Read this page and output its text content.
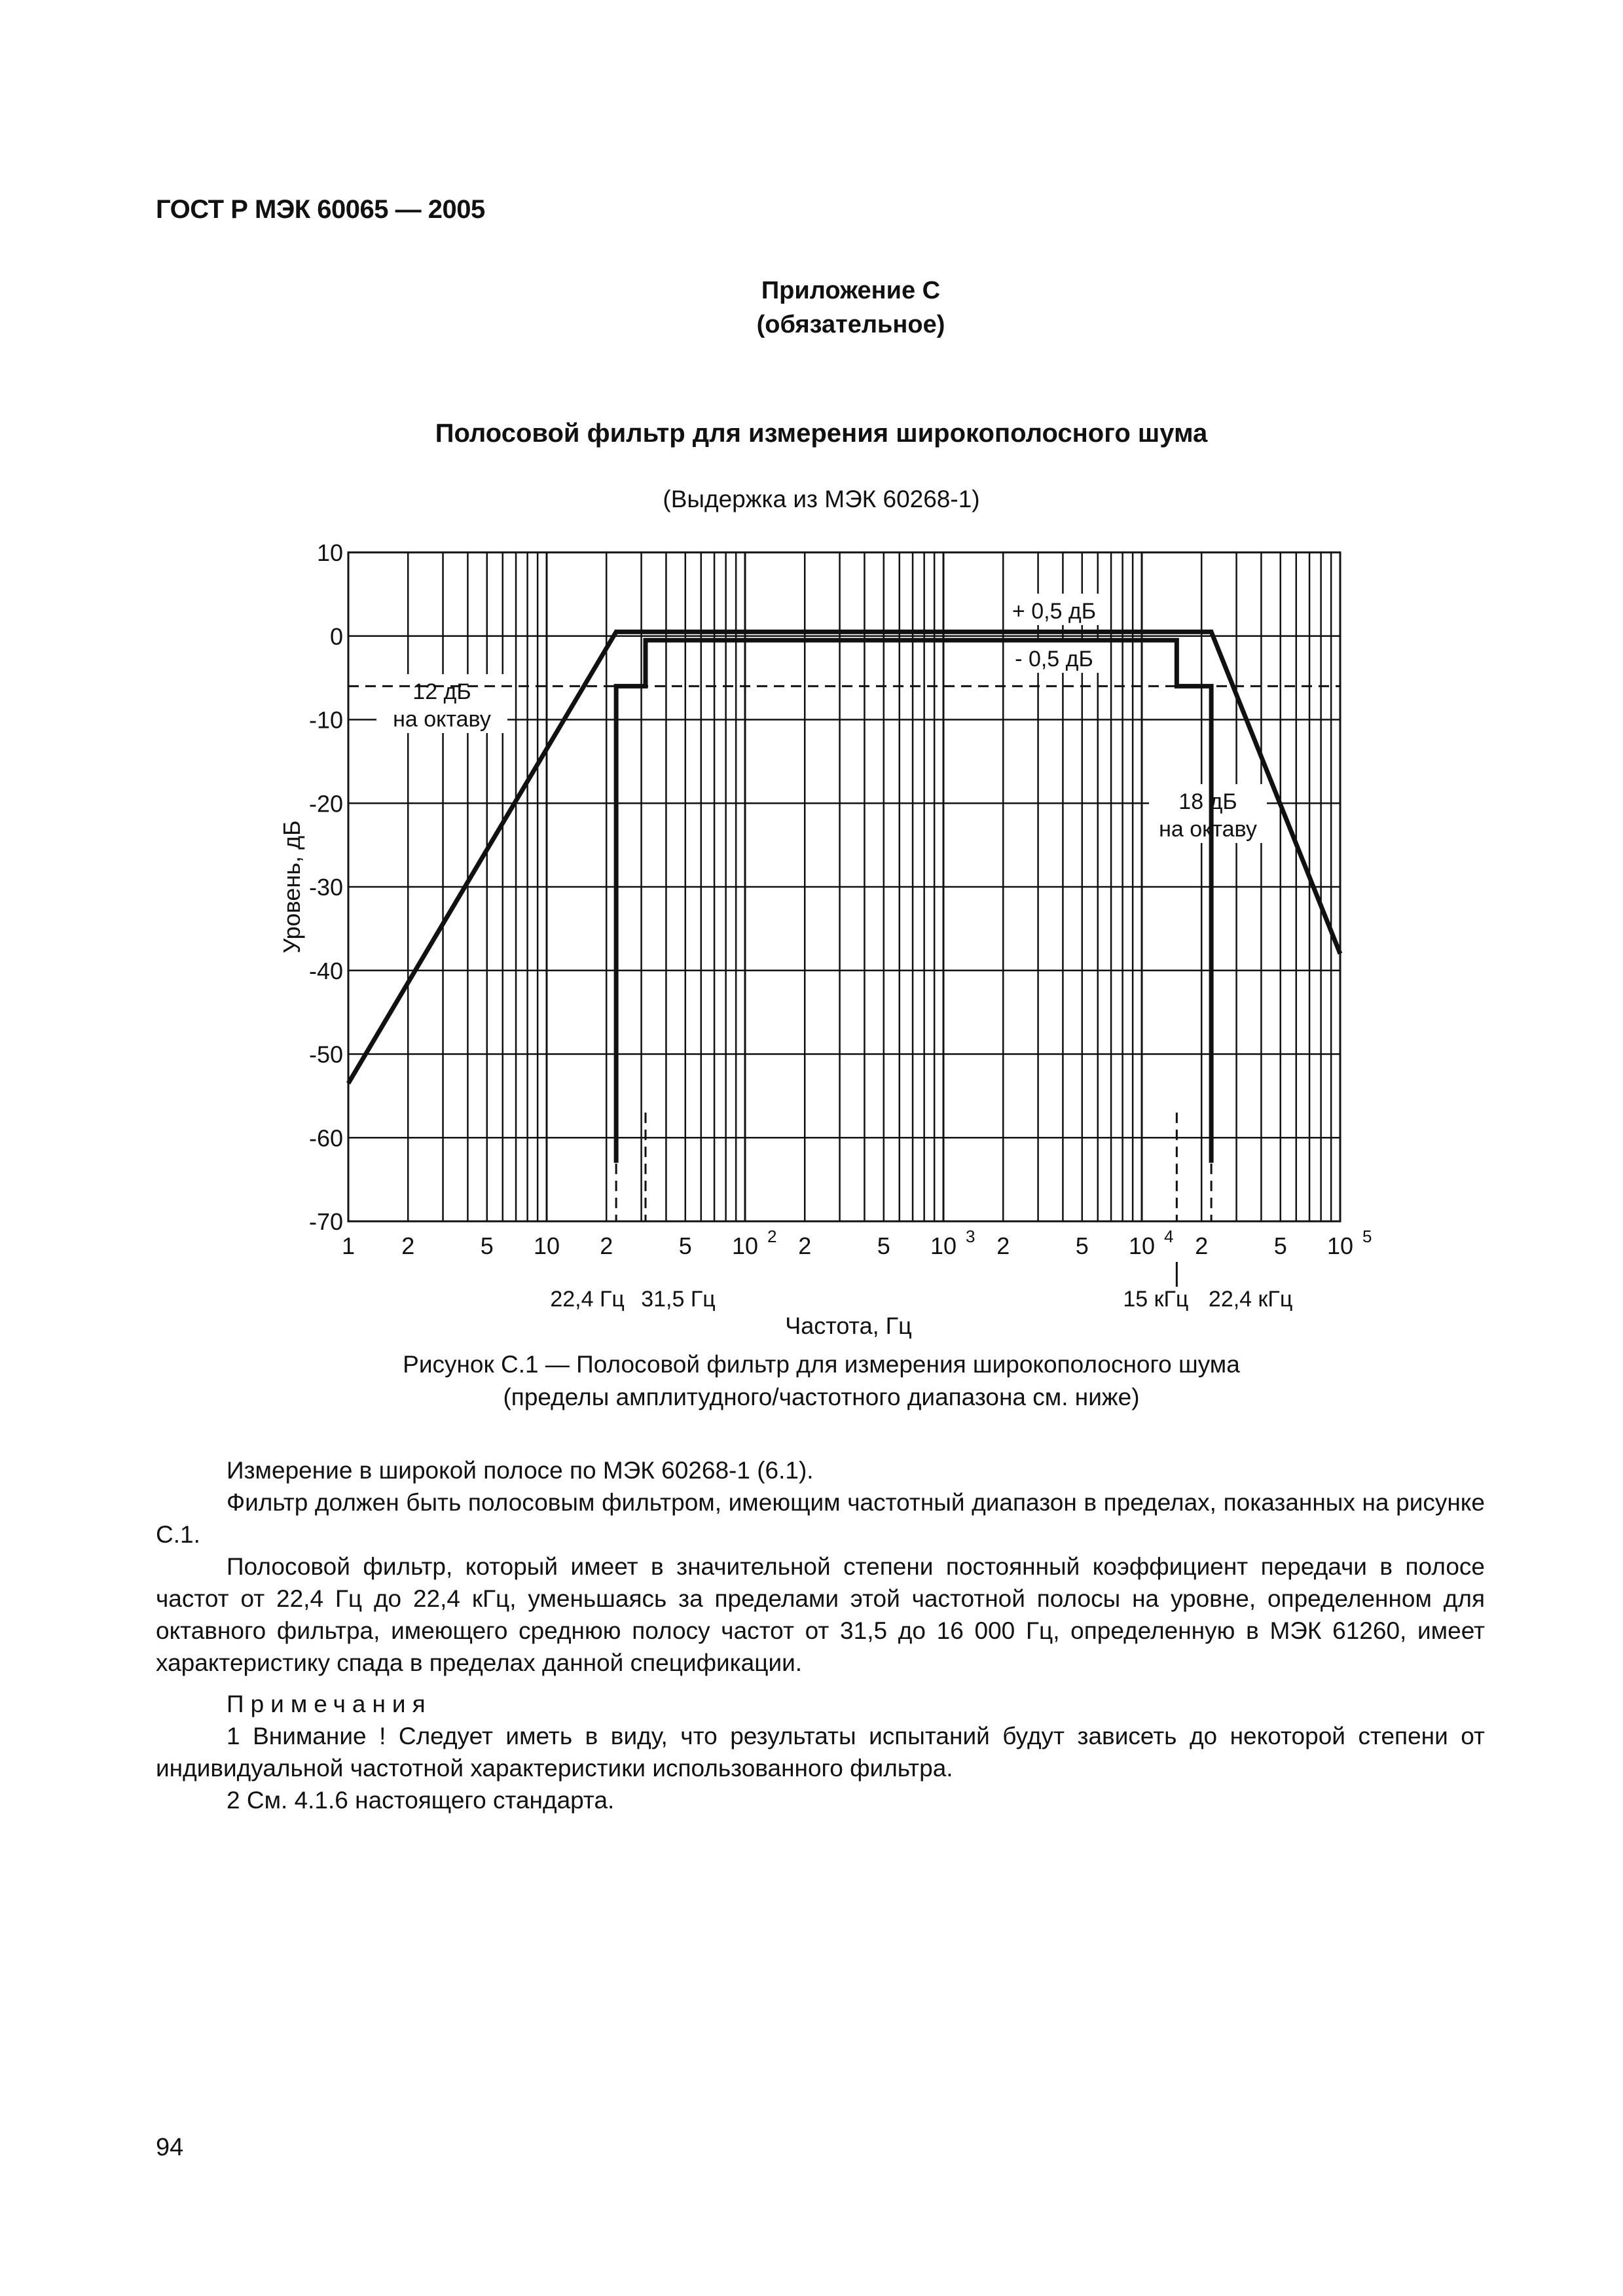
ГОСТ Р МЭК 60065 — 2005
Приложение С
(обязательное)
Полосовой фильтр для измерения широкополосного шума
(Выдержка из МЭК 60268-1)
10
0
-10
-20
-30
-40
-50
-60
-70
1 2	5 10 2	5 10 2 2	5 10 3 2	5 10 4 2	5 10 5
22,4 Гц 31,5 Гц	15 кГц 22,4 кГц
Частота, Гц
Уровень, дБ
+ 0,5 дБ
- 0,5 дБ
12 дБ
на октаву
18 дБ
на октаву
Рисунок С.1 — Полосовой фильтр для измерения широкополосного шума
(пределы амплитудного/частотного диапазона см. ниже)

Измерение в широкой полосе по МЭК 60268-1 (6.1).

Фильтр должен быть полосовым фильтром, имеющим частотный диапазон в пределах, показанных на рисунке С.1.

Полосовой фильтр, который имеет в значительной степени постоянный коэффициент передачи в полосе частот от 22,4 Гц до 22,4 кГц, уменьшаясь за пределами этой частотной полосы на уровне, определенном для октавного фильтра, имеющего среднюю полосу частот от 31,5 до 16 000 Гц, определенную в МЭК 61260, имеет характеристику спада в пределах данной спецификации.

Примечания

1 Внимание ! Следует иметь в виду, что результаты испытаний будут зависеть до некоторой степени от индивидуальной частотной характеристики использованного фильтра.

2 См. 4.1.6 настоящего стандарта.

94
